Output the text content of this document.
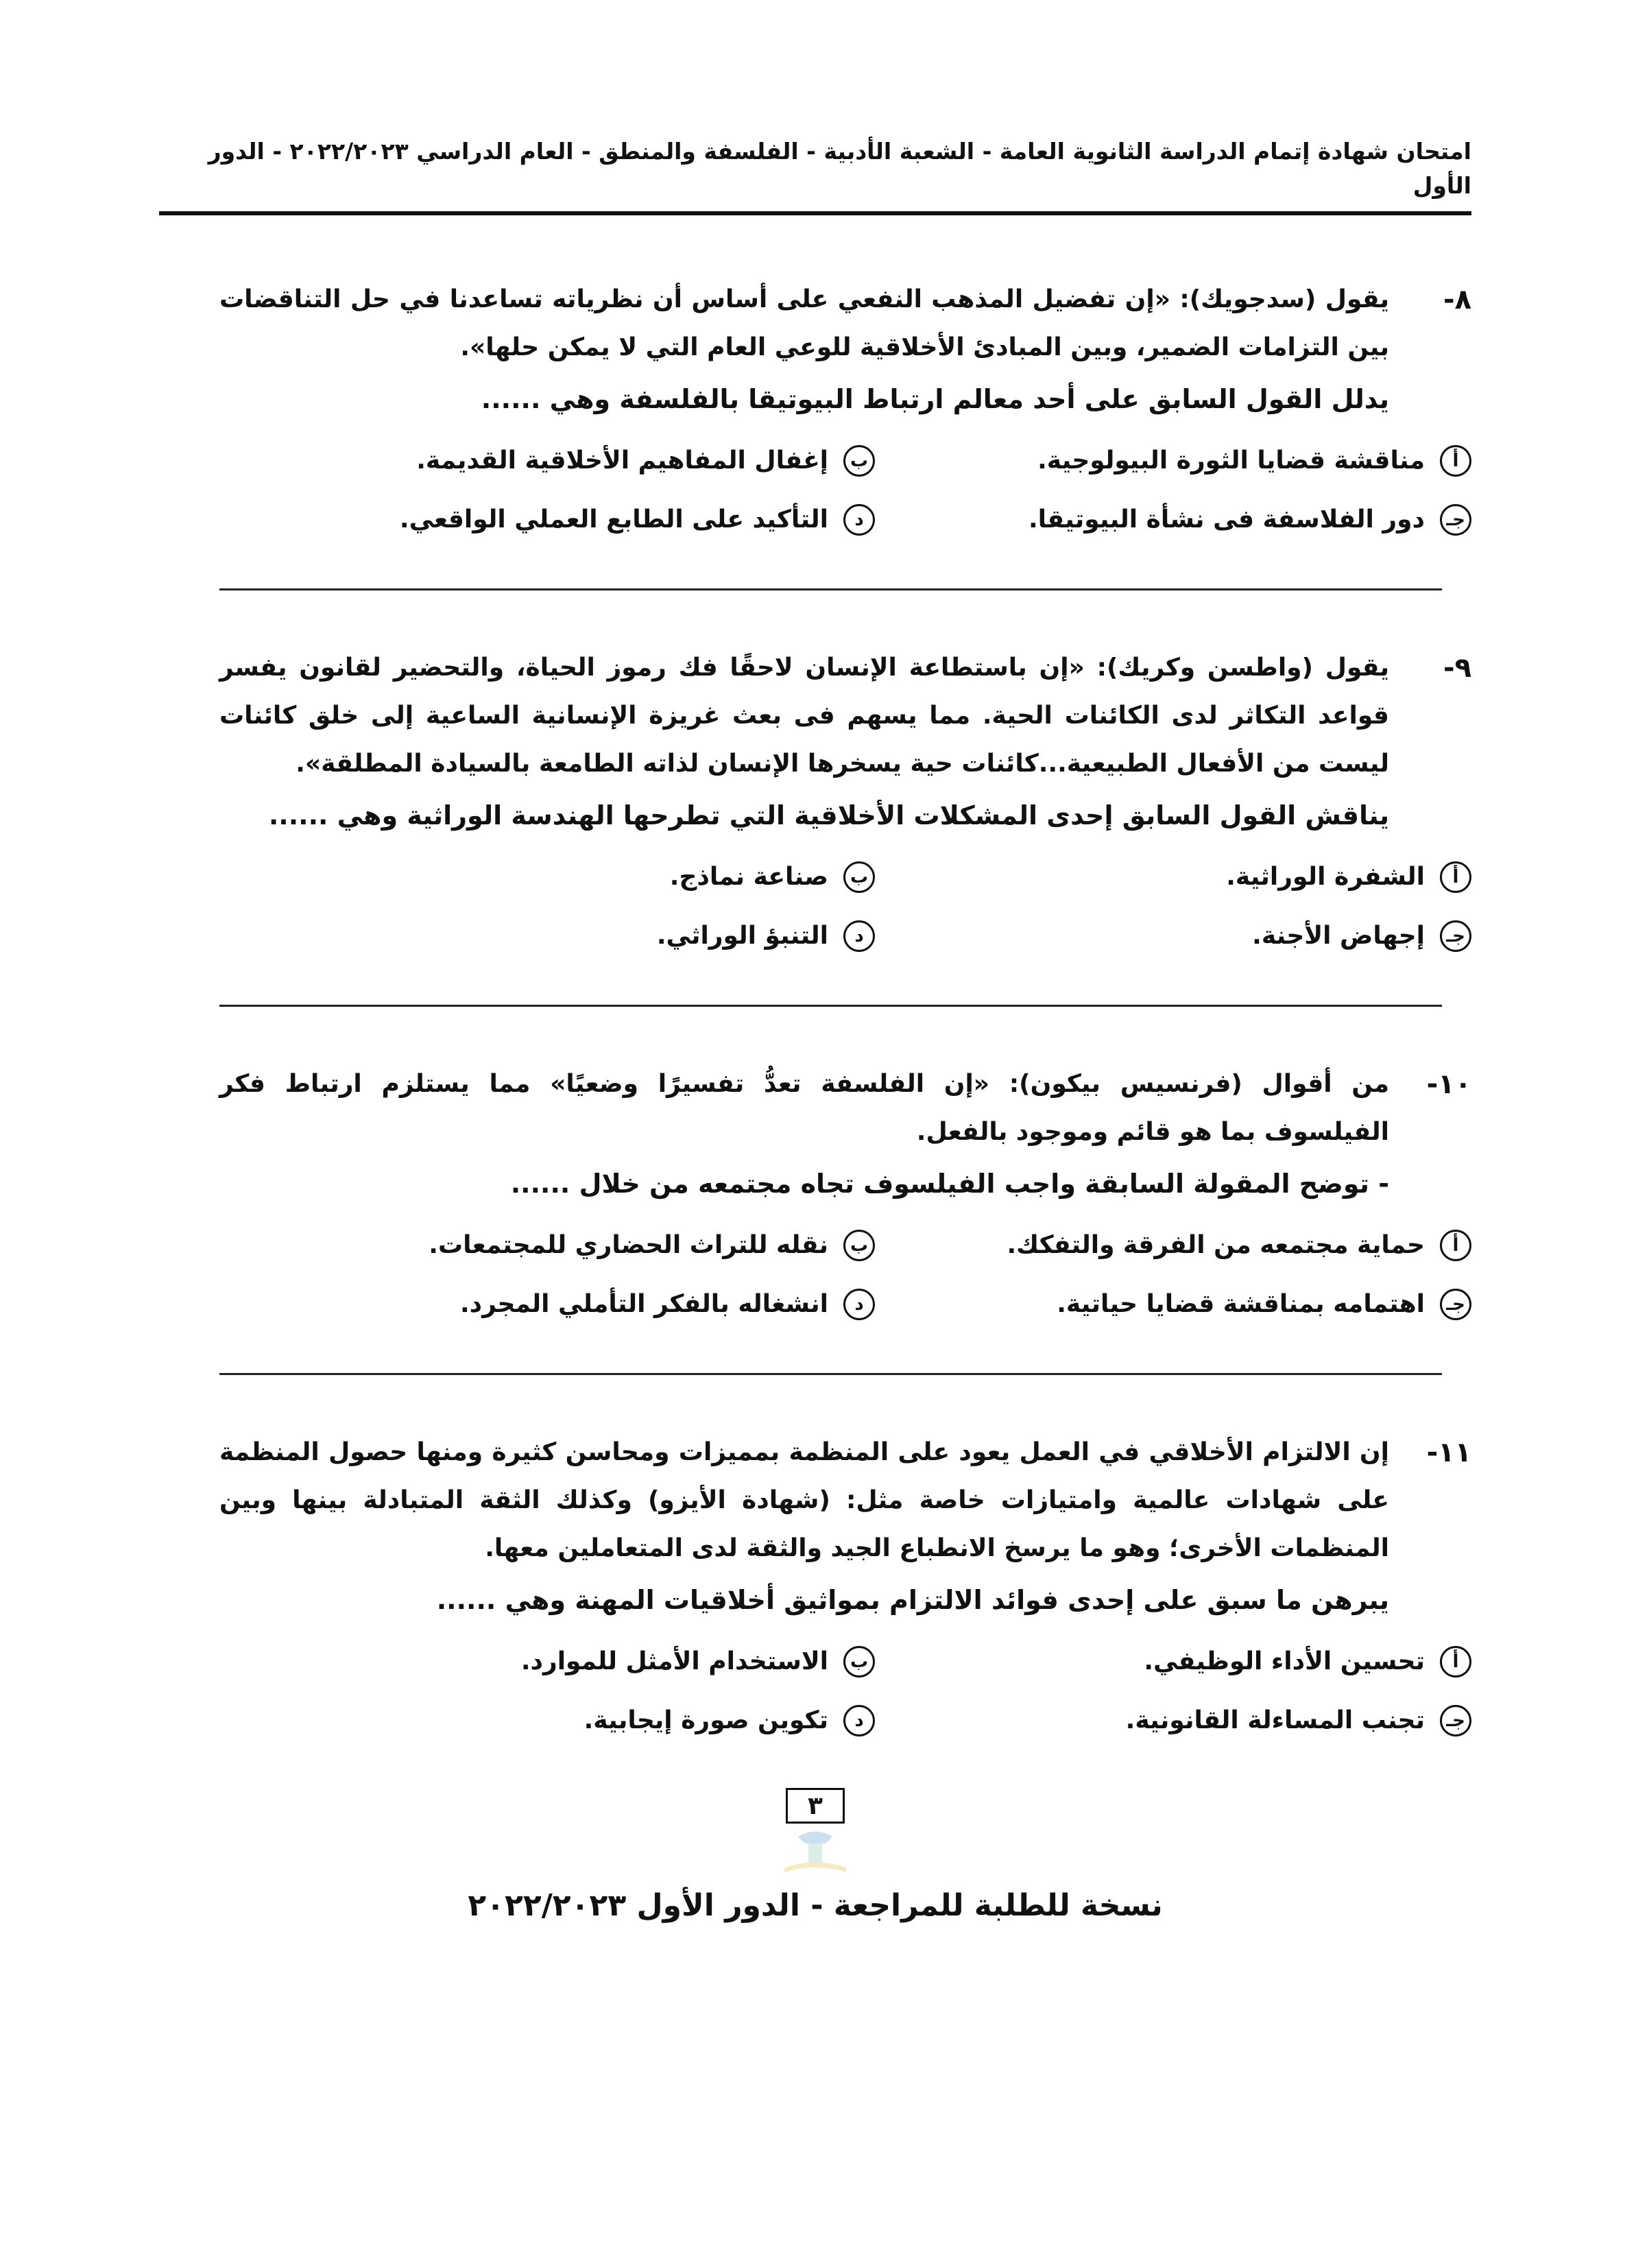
امتحان شهادة إتمام الدراسة الثانوية العامة - الشعبة الأدبية - الفلسفة والمنطق - العام الدراسي ٢٠٢٢/٢٠٢٣ - الدور الأول
٨-
يقول (سدجويك): «إن تفضيل المذهب النفعي على أساس أن نظرياته تساعدنا في حل التناقضات بين التزامات الضمير، وبين المبادئ الأخلاقية للوعي العام التي لا يمكن حلها».
يدلل القول السابق على أحد معالم ارتباط البيوتيقا بالفلسفة وهي ......
أ
مناقشة قضايا الثورة البيولوجية.
ب
إغفال المفاهيم الأخلاقية القديمة.
جـ
دور الفلاسفة فى نشأة البيوتيقا.
د
التأكيد على الطابع العملي الواقعي.
٩-
يقول (واطسن وكريك): «إن باستطاعة الإنسان لاحقًا فك رموز الحياة، والتحضير لقانون يفسر قواعد التكاثر لدى الكائنات الحية. مما يسهم فى بعث غريزة الإنسانية الساعية إلى خلق كائنات ليست من الأفعال الطبيعية...كائنات حية يسخرها الإنسان لذاته الطامعة بالسيادة المطلقة».
يناقش القول السابق إحدى المشكلات الأخلاقية التي تطرحها الهندسة الوراثية وهي ......
أ
الشفرة الوراثية.
ب
صناعة نماذج.
جـ
إجهاض الأجنة.
د
التنبؤ الوراثي.
١٠-
من أقوال (فرنسيس بيكون): «إن الفلسفة تعدُّ تفسيرًا وضعيًا» مما يستلزم ارتباط فكر الفيلسوف بما هو قائم وموجود بالفعل.
- توضح المقولة السابقة واجب الفيلسوف تجاه مجتمعه من خلال ......
أ
حماية مجتمعه من الفرقة والتفكك.
ب
نقله للتراث الحضاري للمجتمعات.
جـ
اهتمامه بمناقشة قضايا حياتية.
د
انشغاله بالفكر التأملي المجرد.
١١-
إن الالتزام الأخلاقي في العمل يعود على المنظمة بمميزات ومحاسن كثيرة ومنها حصول المنظمة على شهادات عالمية وامتيازات خاصة مثل: (شهادة الأيزو) وكذلك الثقة المتبادلة بينها وبين المنظمات الأخرى؛ وهو ما يرسخ الانطباع الجيد والثقة لدى المتعاملين معها.
يبرهن ما سبق على إحدى فوائد الالتزام بمواثيق أخلاقيات المهنة وهي ......
أ
تحسين الأداء الوظيفي.
ب
الاستخدام الأمثل للموارد.
جـ
تجنب المساءلة القانونية.
د
تكوين صورة إيجابية.
٣
نسخة للطلبة للمراجعة - الدور الأول ٢٠٢٢/٢٠٢٣
